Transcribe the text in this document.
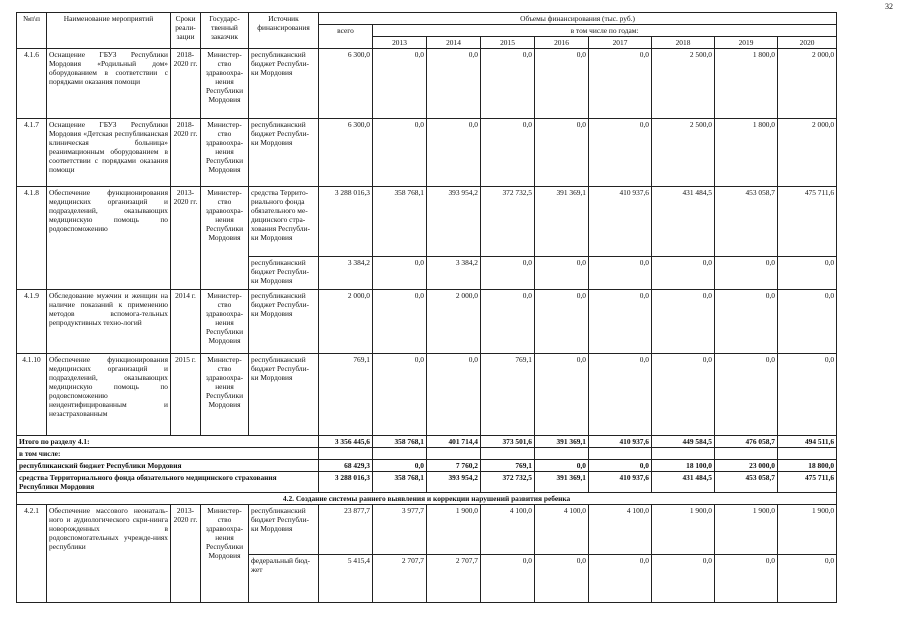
32
№п\п	Наименование мероприятий	Сроки реали-зации	Государс-твенный заказчик	Источник финансирования	Объемы финансирования (тыс. руб.)								
					всего	в том числе по годам:							
						2013	2014	2015	2016	2017	2018	2019	2020
4.1.6	Оснащение ГБУЗ Республики Мордовия «Родильный дом» оборудованием в соответствии с порядками оказания помощи	2018-2020 гг.	Министер-ство здравоохра-нения Республики Мордовия	республиканский бюджет Республи-ки Мордовия	6 300,0	0,0	0,0	0,0	0,0	0,0	2 500,0	1 800,0	2 000,0
4.1.7	Оснащение ГБУЗ Республики Мордовия «Детская республиканская клиническая больница» реанимационным оборудованием в соответствии с порядками оказания помощи	2018-2020 гг.	Министер-ство здравоохра-нения Республики Мордовия	республиканский бюджет Республи-ки Мордовия	6 300,0	0,0	0,0	0,0	0,0	0,0	2 500,0	1 800,0	2 000,0
4.1.8	Обеспечение функционирования медицинских организаций и подразделений, оказывающих медицинскую помощь по родовспоможению	2013-2020 гг.	Министер-ство здравоохра-нения Республики Мордовия	средства Террито-риального фонда обязательного ме-дицинского стра-хования Республи-ки Мордовия	3 288 016,3	358 768,1	393 954,2	372 732,5	391 369,1	410 937,6	431 484,5	453 058,7	475 711,6
				республиканский бюджет Республи-ки Мордовия	3 384,2	0,0	3 384,2	0,0	0,0	0,0	0,0	0,0	0,0
4.1.9	Обследование мужчин и женщин на наличие показаний к применению методов вспомога-тельных репродуктивных техно-логий	2014 г.	Министер-ство здравоохра-нения Республики Мордовия	республиканский бюджет Республи-ки Мордовия	2 000,0	0,0	2 000,0	0,0	0,0	0,0	0,0	0,0	0,0
4.1.10	Обеспечение функционирования медицинских организаций и подразделений, оказывающих медицинскую помощь по родовспоможению неидентифицированным и незастрахованным	2015 г.	Министер-ство здравоохра-нения Республики Мордовия	республиканский бюджет Республи-ки Мордовия	769,1	0,0	0,0	769,1	0,0	0,0	0,0	0,0	0,0
Итого по разделу 4.1:					3 356 445,6	358 768,1	401 714,4	373 501,6	391 369,1	410 937,6	449 584,5	476 058,7	494 511,6
в том числе:													
республиканский бюджет Республики Мордовия					68 429,3	0,0	7 760,2	769,1	0,0	0,0	18 100,0	23 000,0	18 800,0
средства Территориального фонда обязательного медицинского страхования Республики Мордовия					3 288 016,3	358 768,1	393 954,2	372 732,5	391 369,1	410 937,6	431 484,5	453 058,7	475 711,6
4.2. Создание системы раннего выявления и коррекции нарушений развития ребенка													
4.2.1	Обеспечение массового неонаталь-ного и аудиологического скри-нинга новорожденных в родовспомогательных учрежде-ниях республики	2013-2020 гг.	Министер-ство здравоохра-нения Республики Мордовия	республиканский бюджет Республи-ки Мордовия	23 877,7	3 977,7	1 900,0	4 100,0	4 100,0	4 100,0	1 900,0	1 900,0	1 900,0
				федеральный бюд-жет	5 415,4	2 707,7	2 707,7	0,0	0,0	0,0	0,0	0,0	0,0
